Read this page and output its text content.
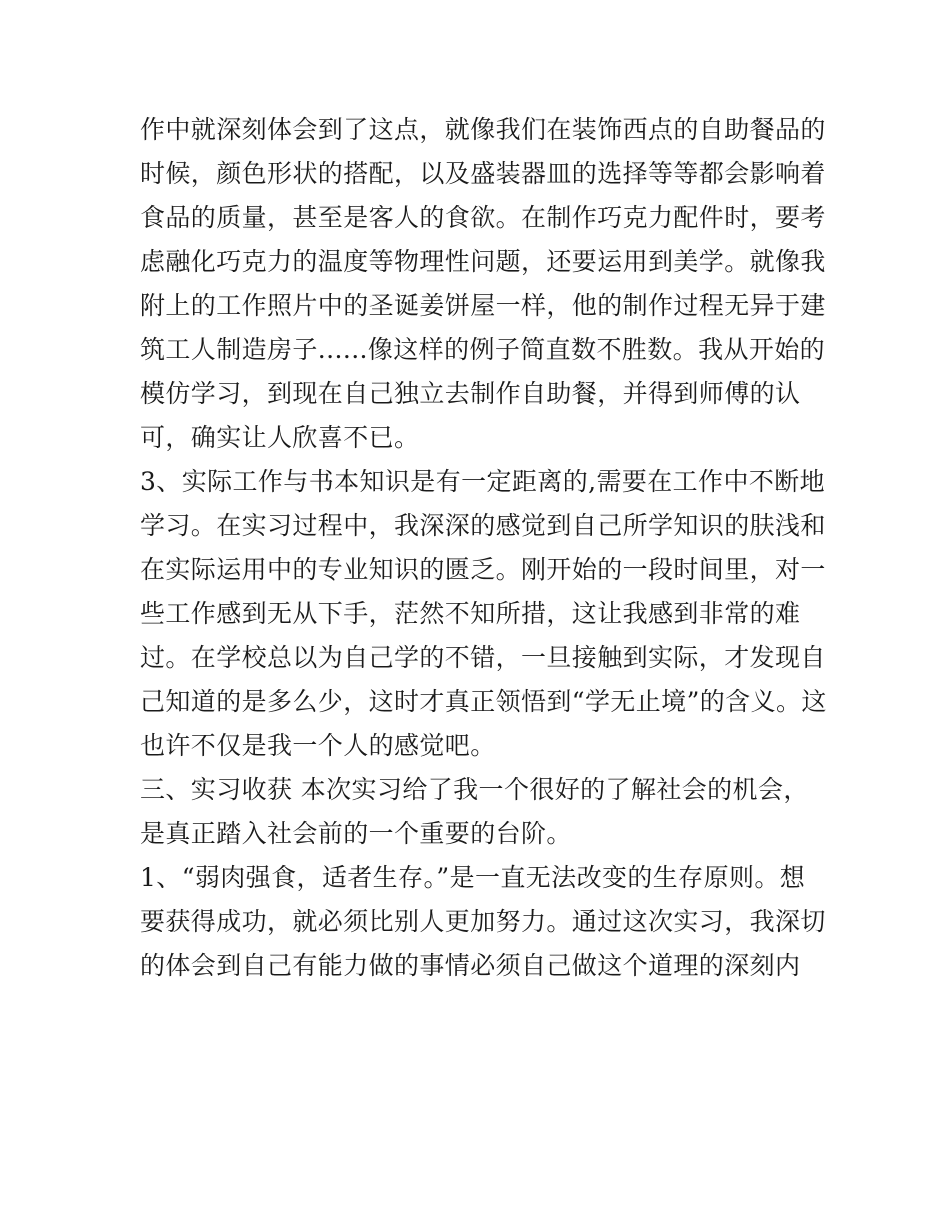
作中就深刻体会到了这点，就像我们在装饰西点的自助餐品的
时候，颜色形状的搭配，以及盛装器皿的选择等等都会影响着
食品的质量，甚至是客人的食欲。在制作巧克力配件时，要考
虑融化巧克力的温度等物理性问题，还要运用到美学。就像我
附上的工作照片中的圣诞姜饼屋一样，他的制作过程无异于建
筑工人制造房子......像这样的例子简直数不胜数。我从开始的
模仿学习，到现在自己独立去制作自助餐，并得到师傅的认
可，确实让人欣喜不已。
3、实际工作与书本知识是有一定距离的,需要在工作中不断地
学习。在实习过程中，我深深的感觉到自己所学知识的肤浅和
在实际运用中的专业知识的匮乏。刚开始的一段时间里，对一
些工作感到无从下手，茫然不知所措，这让我感到非常的难
过。在学校总以为自己学的不错，一旦接触到实际，才发现自
己知道的是多么少，这时才真正领悟到“学无止境”的含义。这
也许不仅是我一个人的感觉吧。
三、实习收获 本次实习给了我一个很好的了解社会的机会，
是真正踏入社会前的一个重要的台阶。
1、“弱肉强食，适者生存。”是一直无法改变的生存原则。想
要获得成功，就必须比别人更加努力。通过这次实习，我深切
的体会到自己有能力做的事情必须自己做这个道理的深刻内
